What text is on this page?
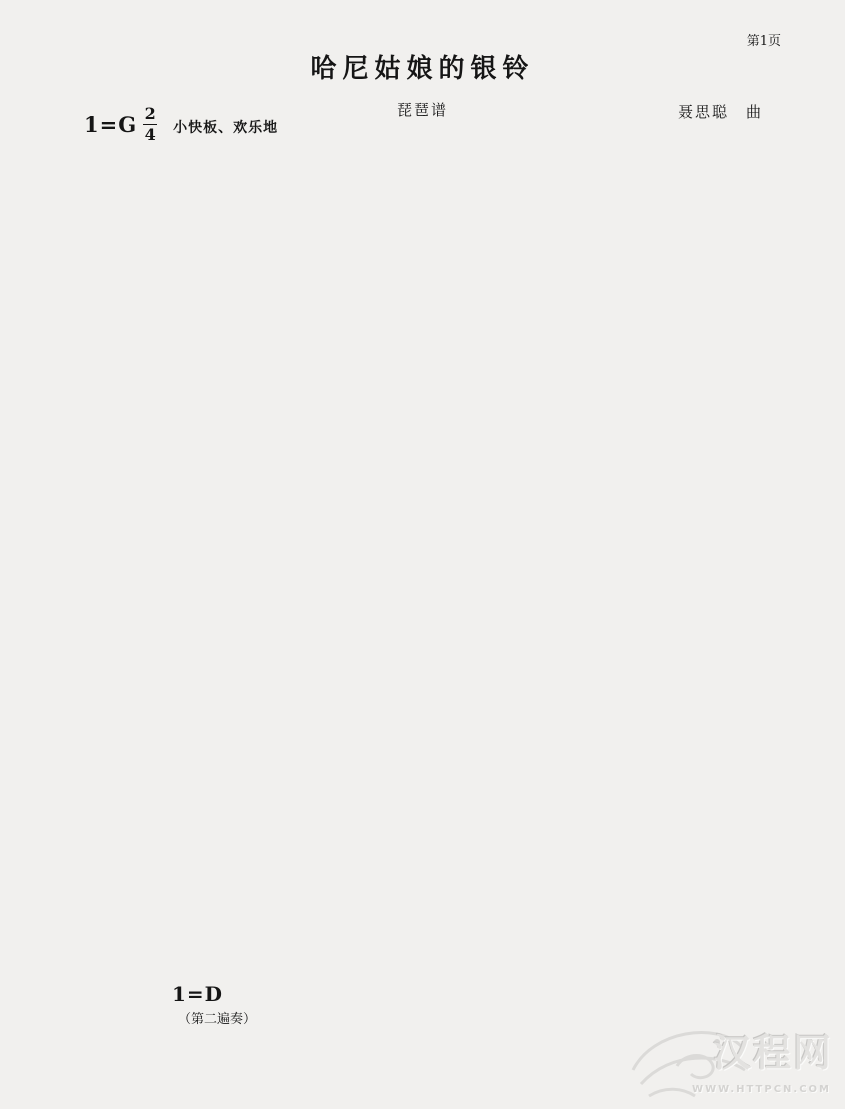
第1页
哈尼姑娘的银铃
琵琶谱	聂思聪　曲
1=G 2
4 小快板、欢乐地
1=D
（第二遍奏）
汉程网
WWW.HTTPCN.COM
